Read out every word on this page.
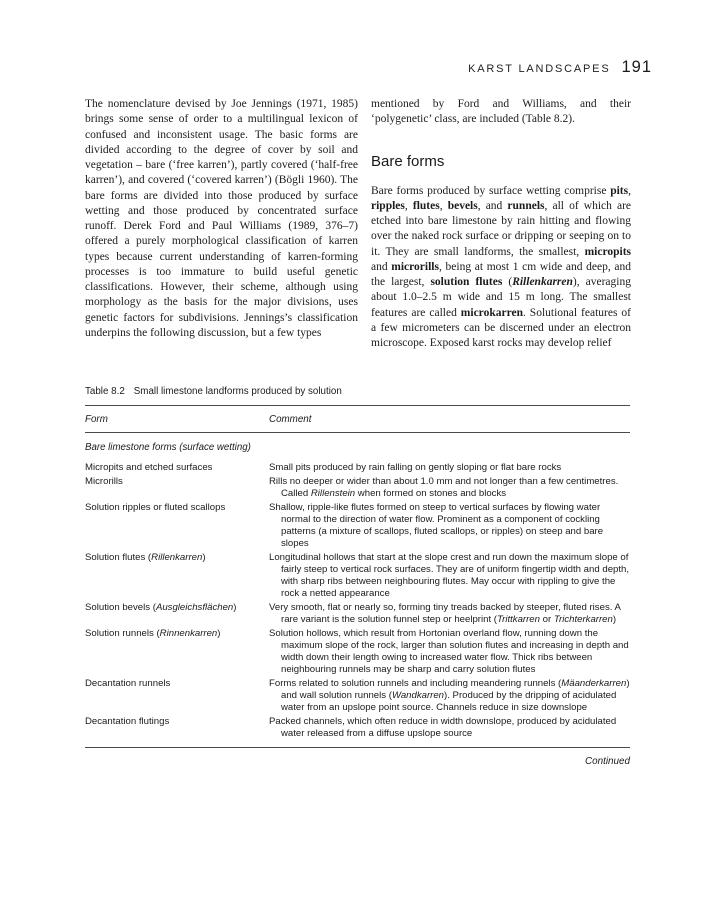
KARST LANDSCAPES 191

The nomenclature devised by Joe Jennings (1971, 1985) brings some sense of order to a multilingual lexicon of confused and inconsistent usage. The basic forms are divided according to the degree of cover by soil and vegetation – bare (‘free karren’), partly covered (‘half-free karren’), and covered (‘covered karren’) (Bögli 1960). The bare forms are divided into those produced by surface wetting and those produced by concentrated surface runoff. Derek Ford and Paul Williams (1989, 376–7) offered a purely morphological classification of karren types because current understanding of karren-forming processes is too immature to build useful genetic classifications. However, their scheme, although using morphology as the basis for the major divisions, uses genetic factors for subdivisions. Jennings’s classification underpins the following discussion, but a few types

mentioned by Ford and Williams, and their ‘polygenetic’ class, are included (Table 8.2).

Bare forms

Bare forms produced by surface wetting comprise pits, ripples, flutes, bevels, and runnels, all of which are etched into bare limestone by rain hitting and flowing over the naked rock surface or dripping or seeping on to it. They are small landforms, the smallest, micropits and microrills, being at most 1 cm wide and deep, and the largest, solution flutes (Rillenkarren), averaging about 1.0–2.5 m wide and 15 m long. The smallest features are called microkarren. Solutional features of a few micrometers can be discerned under an electron microscope. Exposed karst rocks may develop relief

Table 8.2 Small limestone landforms produced by solution
Form	Comment
Bare limestone forms (surface wetting)
Micropits and etched surfaces	Small pits produced by rain falling on gently sloping or flat bare rocks
Microrills	Rills no deeper or wider than about 1.0 mm and not longer than a few centimetres. Called Rillenstein when formed on stones and blocks
Solution ripples or fluted scallops	Shallow, ripple-like flutes formed on steep to vertical surfaces by flowing water normal to the direction of water flow. Prominent as a component of cockling patterns (a mixture of scallops, fluted scallops, or ripples) on steep and bare slopes
Solution flutes (Rillenkarren)	Longitudinal hollows that start at the slope crest and run down the maximum slope of fairly steep to vertical rock surfaces. They are of uniform fingertip width and depth, with sharp ribs between neighbouring flutes. May occur with rippling to give the rock a netted appearance
Solution bevels (Ausgleichsflächen)	Very smooth, flat or nearly so, forming tiny treads backed by steeper, fluted rises. A rare variant is the solution funnel step or heelprint (Trittkarren or Trichterkarren)
Solution runnels (Rinnenkarren)	Solution hollows, which result from Hortonian overland flow, running down the maximum slope of the rock, larger than solution flutes and increasing in depth and width down their length owing to increased water flow. Thick ribs between neighbouring runnels may be sharp and carry solution flutes
Decantation runnels	Forms related to solution runnels and including meandering runnels (Mäanderkarren) and wall solution runnels (Wandkarren). Produced by the dripping of acidulated water from an upslope point source. Channels reduce in size downslope
Decantation flutings	Packed channels, which often reduce in width downslope, produced by acidulated water released from a diffuse upslope source
Continued
